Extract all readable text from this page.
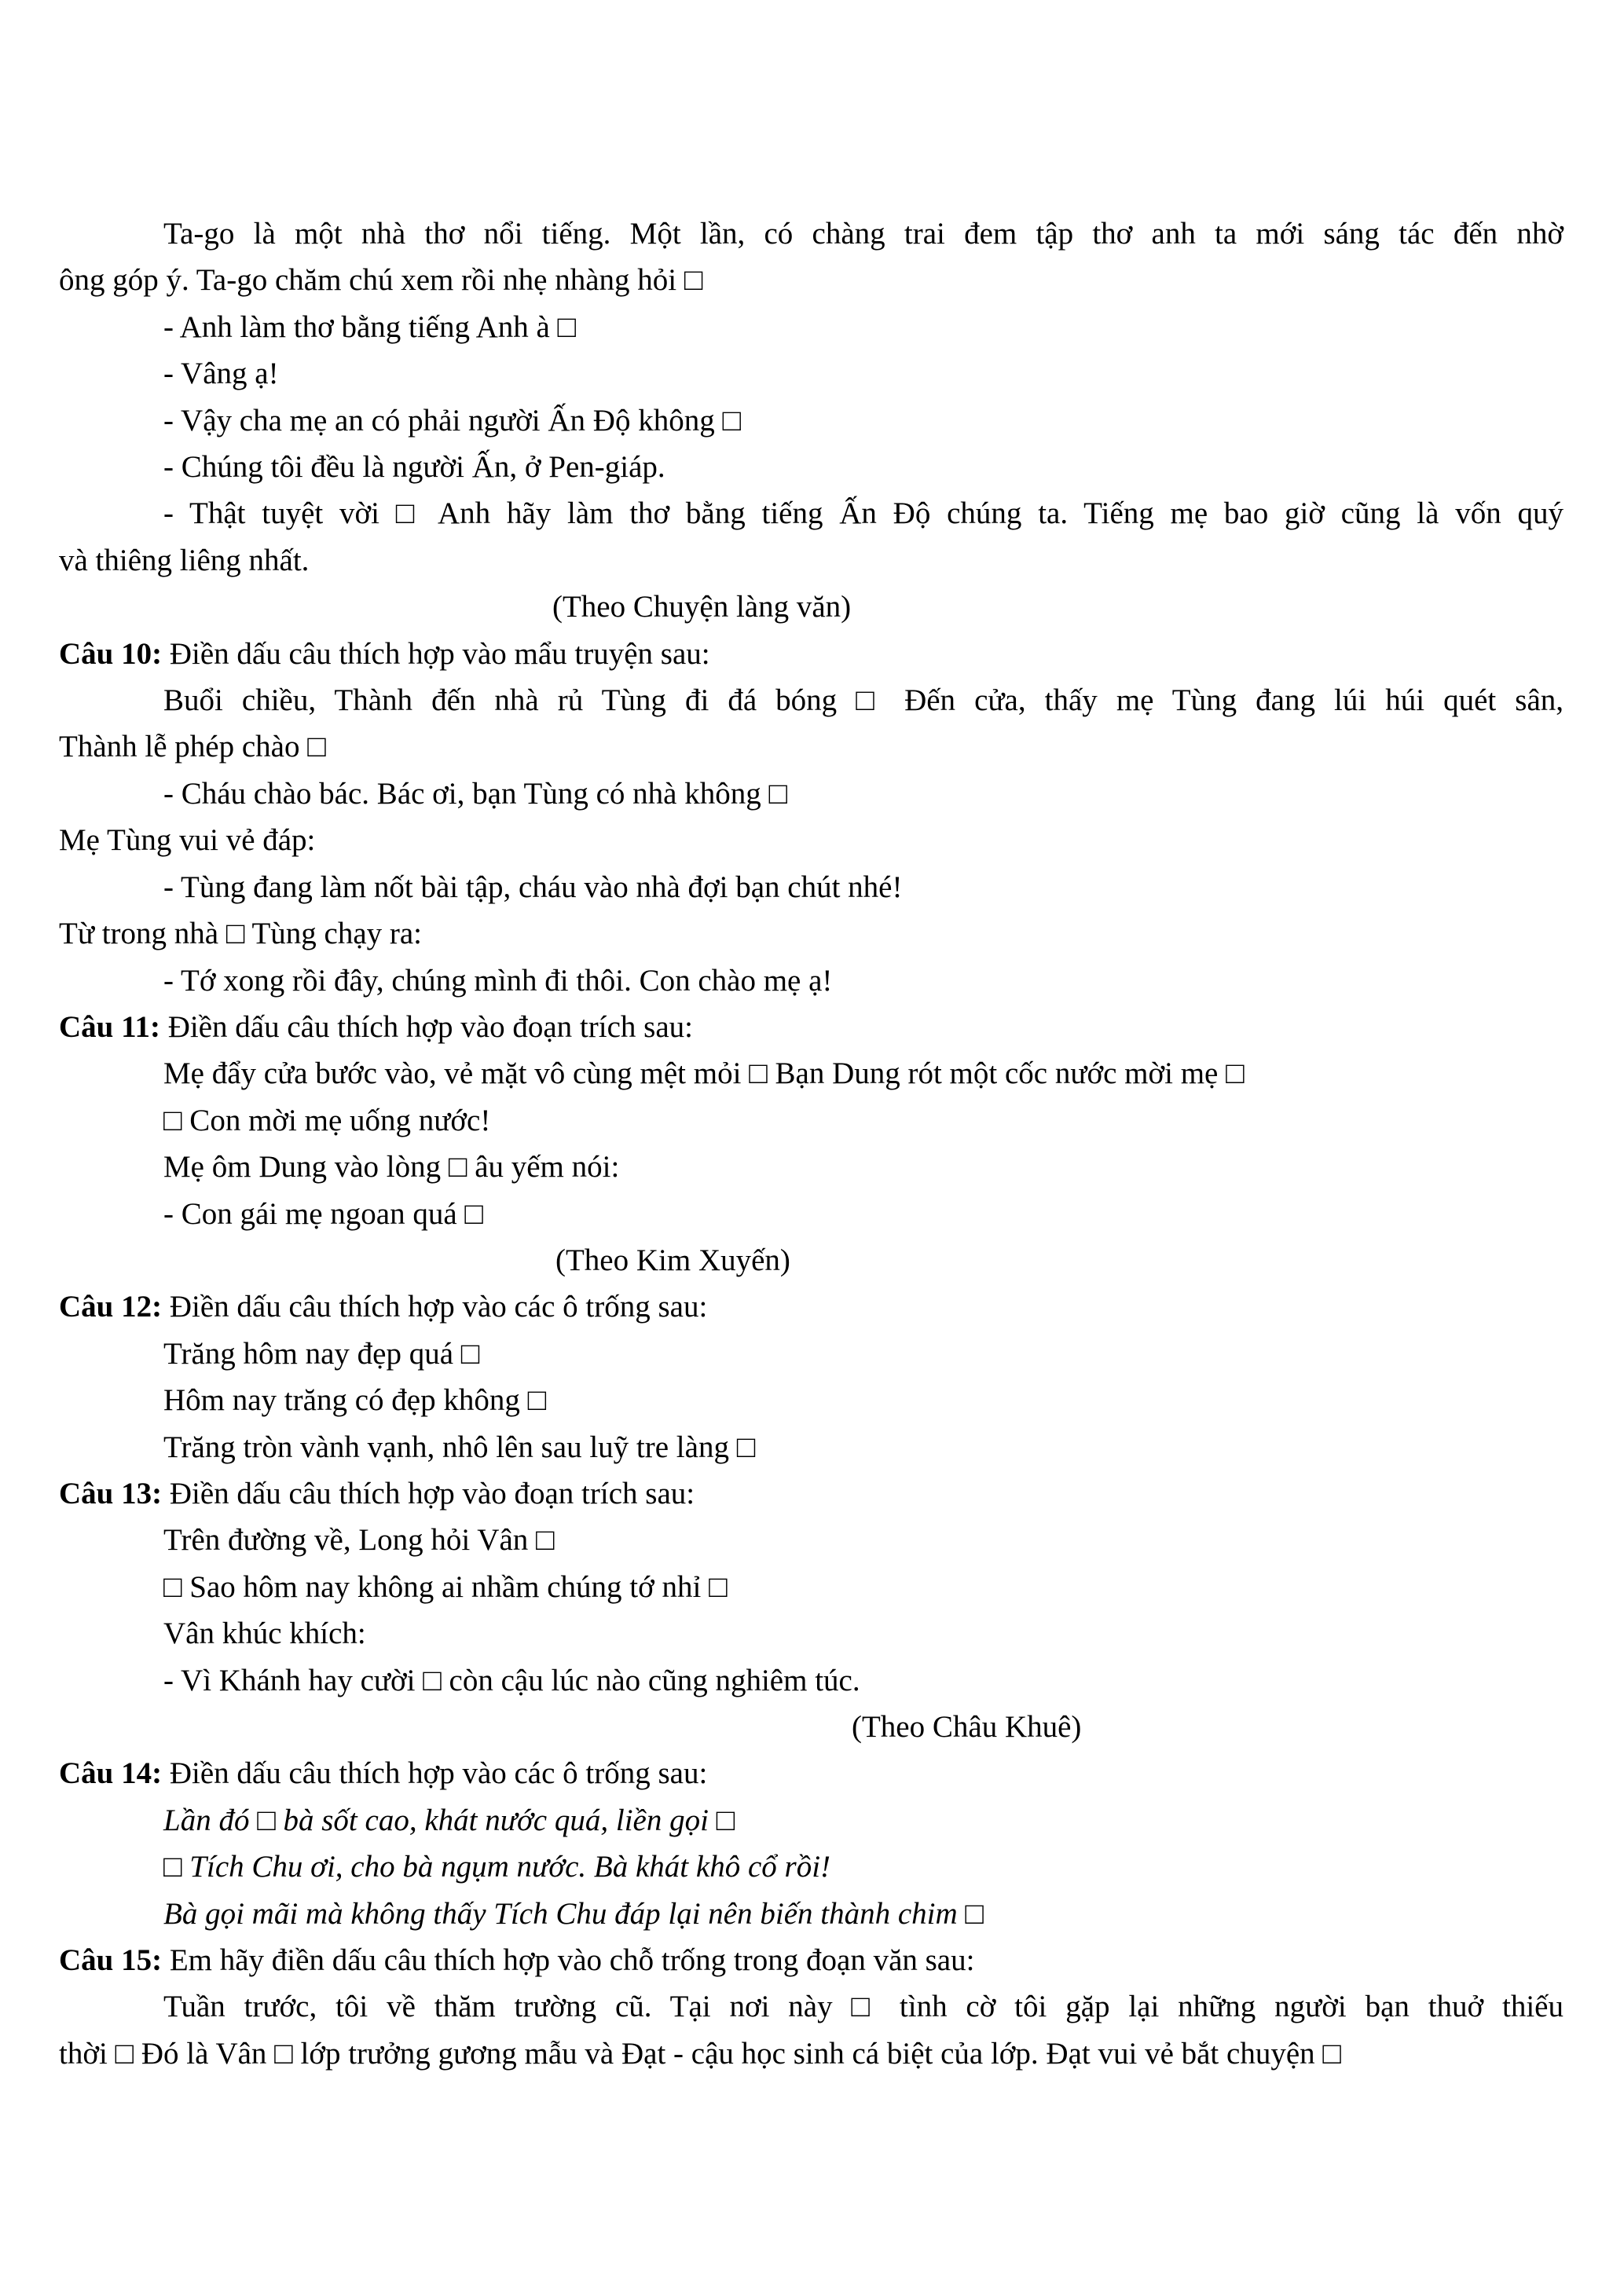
Ta-go là một nhà thơ nổi tiếng. Một lần, có chàng trai đem tập thơ anh ta mới sáng tác đến nhờ
ông góp ý. Ta-go chăm chú xem rồi nhẹ nhàng hỏi □
- Anh làm thơ bằng tiếng Anh à □
- Vâng ạ!
- Vậy cha mẹ an có phải người Ấn Độ không □
- Chúng tôi đều là người Ấn, ở Pen-giáp.
- Thật tuyệt vời □ Anh hãy làm thơ bằng tiếng Ấn Độ chúng ta. Tiếng mẹ bao giờ cũng là vốn quý
và thiêng liêng nhất.
(Theo Chuyện làng văn)
Câu 10: Điền dấu câu thích hợp vào mẩu truyện sau:
Buổi chiều, Thành đến nhà rủ Tùng đi đá bóng □ Đến cửa, thấy mẹ Tùng đang lúi húi quét sân,
Thành lễ phép chào □
- Cháu chào bác. Bác ơi, bạn Tùng có nhà không □
Mẹ Tùng vui vẻ đáp:
- Tùng đang làm nốt bài tập, cháu vào nhà đợi bạn chút nhé!
Từ trong nhà □ Tùng chạy ra:
- Tớ xong rồi đây, chúng mình đi thôi. Con chào mẹ ạ!
Câu 11: Điền dấu câu thích hợp vào đoạn trích sau:
Mẹ đẩy cửa bước vào, vẻ mặt vô cùng mệt mỏi □ Bạn Dung rót một cốc nước mời mẹ □
□ Con mời mẹ uống nước!
Mẹ ôm Dung vào lòng □ âu yếm nói:
- Con gái mẹ ngoan quá □
(Theo Kim Xuyến)
Câu 12: Điền dấu câu thích hợp vào các ô trống sau:
Trăng hôm nay đẹp quá □
Hôm nay trăng có đẹp không □
Trăng tròn vành vạnh, nhô lên sau luỹ tre làng □
Câu 13: Điền dấu câu thích hợp vào đoạn trích sau:
Trên đường về, Long hỏi Vân □
□ Sao hôm nay không ai nhầm chúng tớ nhỉ □
Vân khúc khích:
- Vì Khánh hay cười □ còn cậu lúc nào cũng nghiêm túc.
(Theo Châu Khuê)
Câu 14: Điền dấu câu thích hợp vào các ô trống sau:
Lần đó □ bà sốt cao, khát nước quá, liền gọi □
□ Tích Chu ơi, cho bà ngụm nước. Bà khát khô cổ rồi!
Bà gọi mãi mà không thấy Tích Chu đáp lại nên biến thành chim □
Câu 15: Em hãy điền dấu câu thích hợp vào chỗ trống trong đoạn văn sau:
Tuần trước, tôi về thăm trường cũ. Tại nơi này □ tình cờ tôi gặp lại những người bạn thuở thiếu
thời □ Đó là Vân □ lớp trưởng gương mẫu và Đạt - cậu học sinh cá biệt của lớp. Đạt vui vẻ bắt chuyện □
